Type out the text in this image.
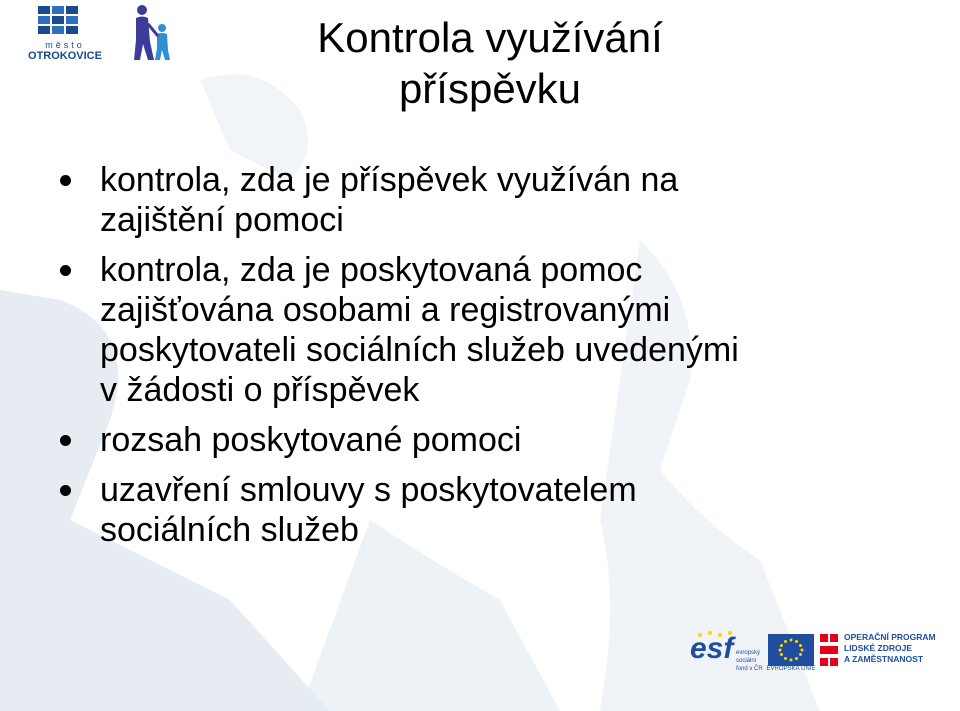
město
OTROKOVICE	Kontrola využívání
příspěvku
kontrola, zda je příspěvek využíván na
zajištění pomoci
kontrola, zda je poskytovaná pomoc
zajišťována osobami a registrovanými
poskytovateli sociálních služeb uvedenými
v žádosti o příspěvek
rozsah poskytované pomoci
uzavření smlouvy s poskytovatelem
sociálních služeb
esf evropský
sociální
fond v ČR EVROPSKÁ UNIE
OPERAČNÍ PROGRAM
LIDSKÉ ZDROJE
A ZAMĚSTNANOST
